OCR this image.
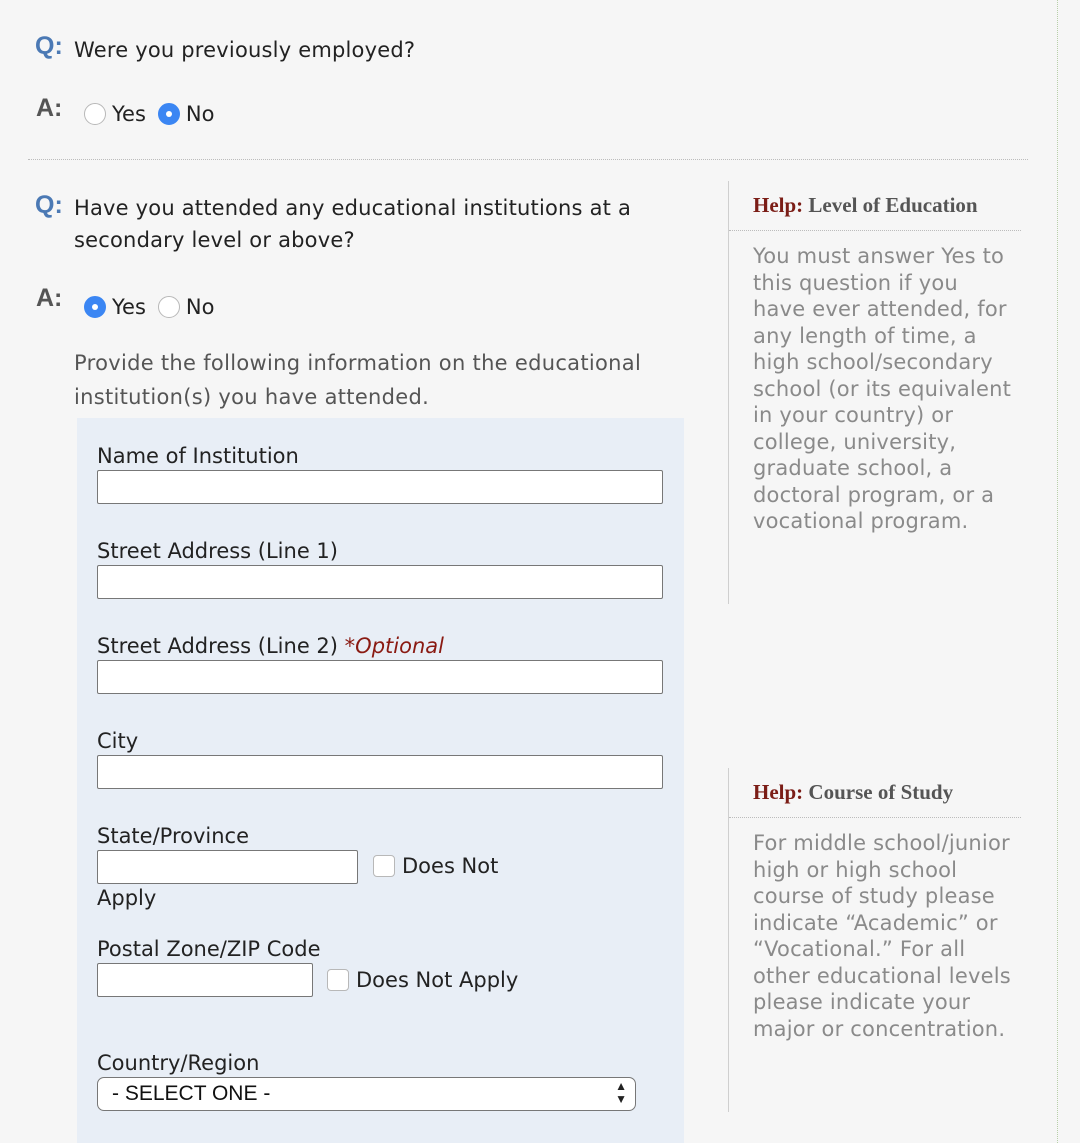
Q: Were you previously employed?
A: Yes No
Q: Have you attended any educational institutions at a secondary level or above?
A: Yes No
Provide the following information on the educational institution(s) you have attended.
Name of Institution
Street Address (Line 1)
Street Address (Line 2) *Optional
City
State/Province
Does Not
Apply
Postal Zone/ZIP Code
Does Not Apply
Country/Region
- SELECT ONE -	▲
▼
Help: Level of Education
You must answer Yes to this question if you have ever attended, for any length of time, a high school/secondary school (or its equivalent in your country) or college, university, graduate school, a doctoral program, or a vocational program.
Help: Course of Study
For middle school/junior high or high school course of study please indicate “Academic” or “Vocational.” For all other educational levels please indicate your major or concentration.
